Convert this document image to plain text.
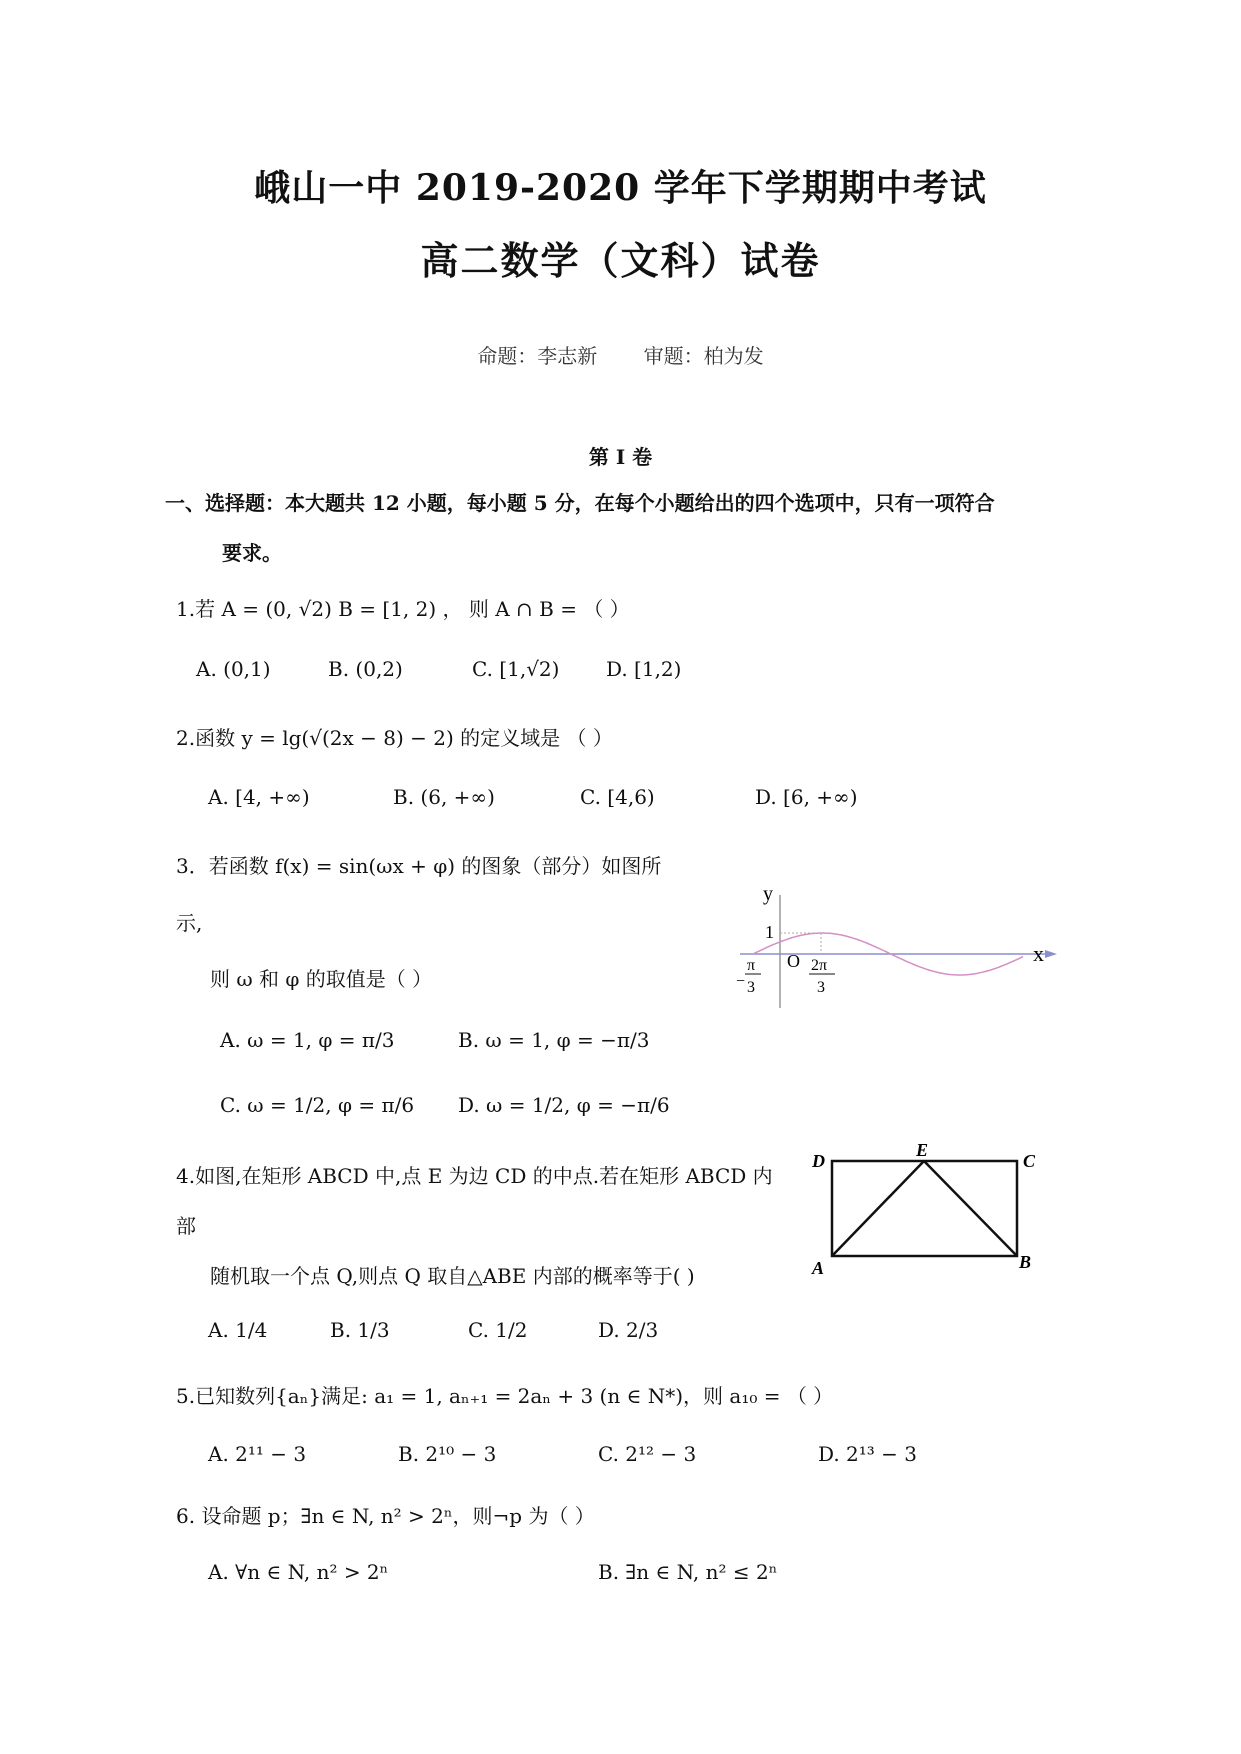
峨山一中 2019-2020 学年下学期期中考试
高二数学（文科）试卷
命题：李志新 审题：柏为发
第 I 卷
一、选择题：本大题共 12 小题，每小题 5 分，在每个小题给出的四个选项中，只有一项符合
要求。
1.若 A = (0, √2) B = [1, 2) ， 则 A ∩ B = （ ）
A. (0,1)	B. (0,2)	C. [1,√2) D. [1,2)
2.函数 y = lg(√(2x − 8) − 2) 的定义域是 （ ）
A. [4, +∞)	B. (6, +∞)	C. [4,6)	D. [6, +∞)
3．若函数 f(x) = sin(ωx + φ) 的图象（部分）如图所
示,
则 ω 和 φ 的取值是（ ）
A. ω = 1, φ = π/3	B. ω = 1, φ = −π/3
C. ω = 1/2, φ = π/6 D. ω = 1/2, φ = −π/6
y
x
1
O
−
π
3
2π
3
4.如图,在矩形 ABCD 中,点 E 为边 CD 的中点.若在矩形 ABCD 内
部
随机取一个点 Q,则点 Q 取自△ABE 内部的概率等于( )
A. 1/4	B. 1/3	C. 1/2	D. 2/3
D
E
C
A	B
5.已知数列{aₙ}满足: a₁ = 1, aₙ₊₁ = 2aₙ + 3 (n ∈ N*)，则 a₁₀ = （ ）
A. 2¹¹ − 3	B. 2¹⁰ − 3	C. 2¹² − 3	D. 2¹³ − 3
6. 设命题 p；∃n ∈ N, n² > 2ⁿ，则¬p 为（ ）
A. ∀n ∈ N, n² > 2ⁿ	B. ∃n ∈ N, n² ≤ 2ⁿ
